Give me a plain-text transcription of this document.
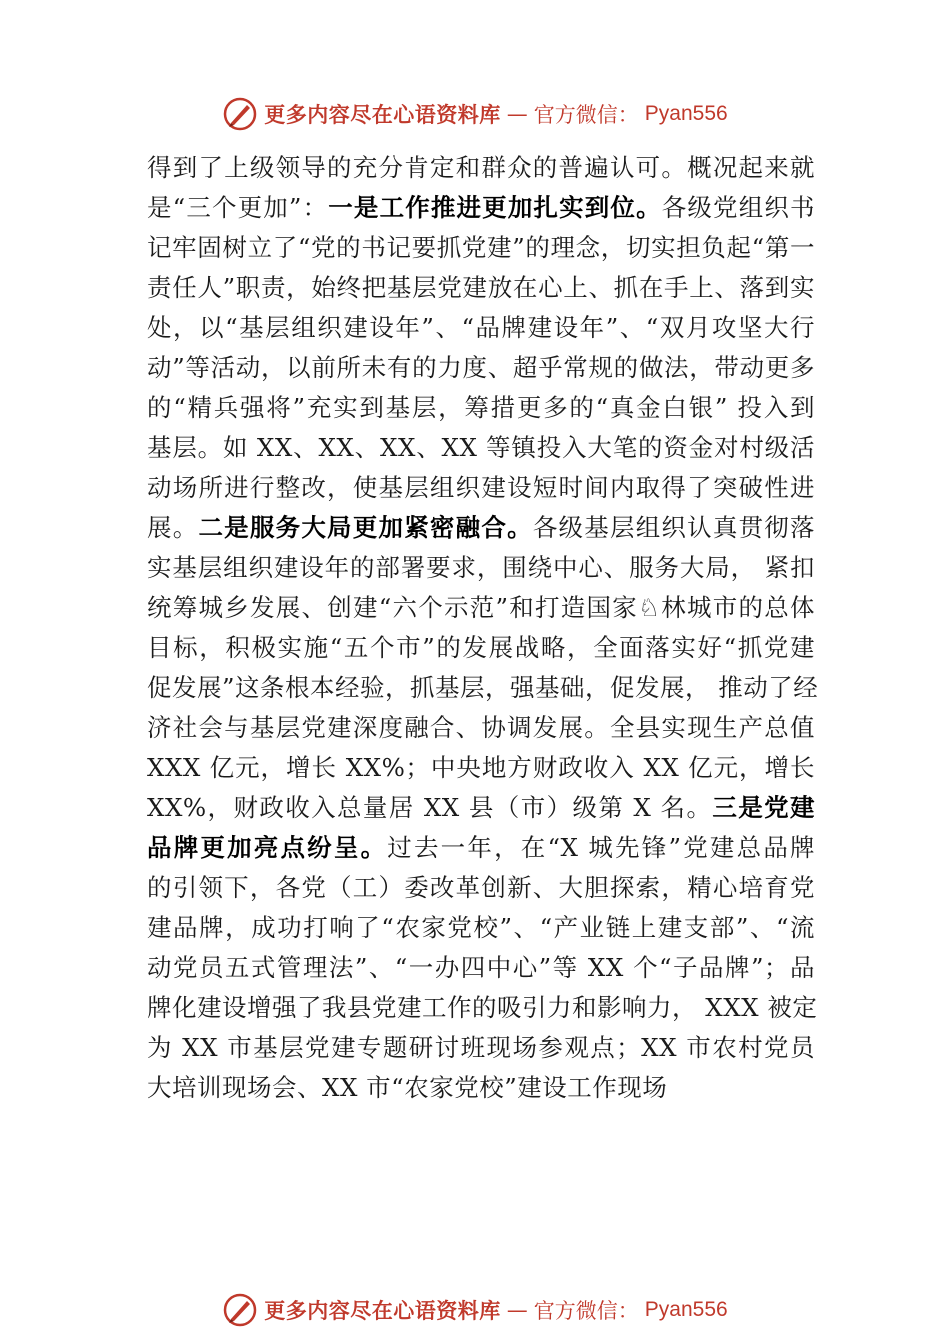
更多内容尽在心语资料库 — 官方微信： Pyan556
得到了上级领导的充分肯定和群众的普遍认可。概况起来就
是“三个更加”：一是工作推进更加扎实到位。各级党组织书
记牢固树立了“党的书记要抓党建”的理念，切实担负起“第一
责任人”职责，始终把基层党建放在心上、抓在手上、落到实
处，以“基层组织建设年”、“品牌建设年”、“双月攻坚大行
动”等活动，以前所未有的力度、超乎常规的做法，带动更多
的“精兵强将”充实到基层，筹措更多的“真金白银” 投入到
基层。如 XX、XX、XX、XX 等镇投入大笔的资金对村级活
动场所进行整改，使基层组织建设短时间内取得了突破性进
展。二是服务大局更加紧密融合。各级基层组织认真贯彻落
实基层组织建设年的部署要求，围绕中心、服务大局， 紧扣
统筹城乡发展、创建“六个示范”和打造国家♘林城市的总体
目标，积极实施“五个市”的发展战略，全面落实好“抓党建
促发展”这条根本经验，抓基层，强基础，促发展， 推动了经
济社会与基层党建深度融合、协调发展。全县实现生产总值
XXX 亿元，增长 XX%；中央地方财政收入 XX 亿元，增长
XX%，财政收入总量居 XX 县（市）级第 X 名。三是党建
品牌更加亮点纷呈。过去一年，在“X 城先锋”党建总品牌
的引领下，各党（工）委改革创新、大胆探索，精心培育党
建品牌，成功打响了“农家党校”、“产业链上建支部”、“流
动党员五式管理法”、“一办四中心”等 XX 个“子品牌”；品
牌化建设增强了我县党建工作的吸引力和影响力， XXX 被定
为 XX 市基层党建专题研讨班现场参观点；XX 市农村党员
大培训现场会、XX 市“农家党校”建设工作现场
更多内容尽在心语资料库 — 官方微信： Pyan556
